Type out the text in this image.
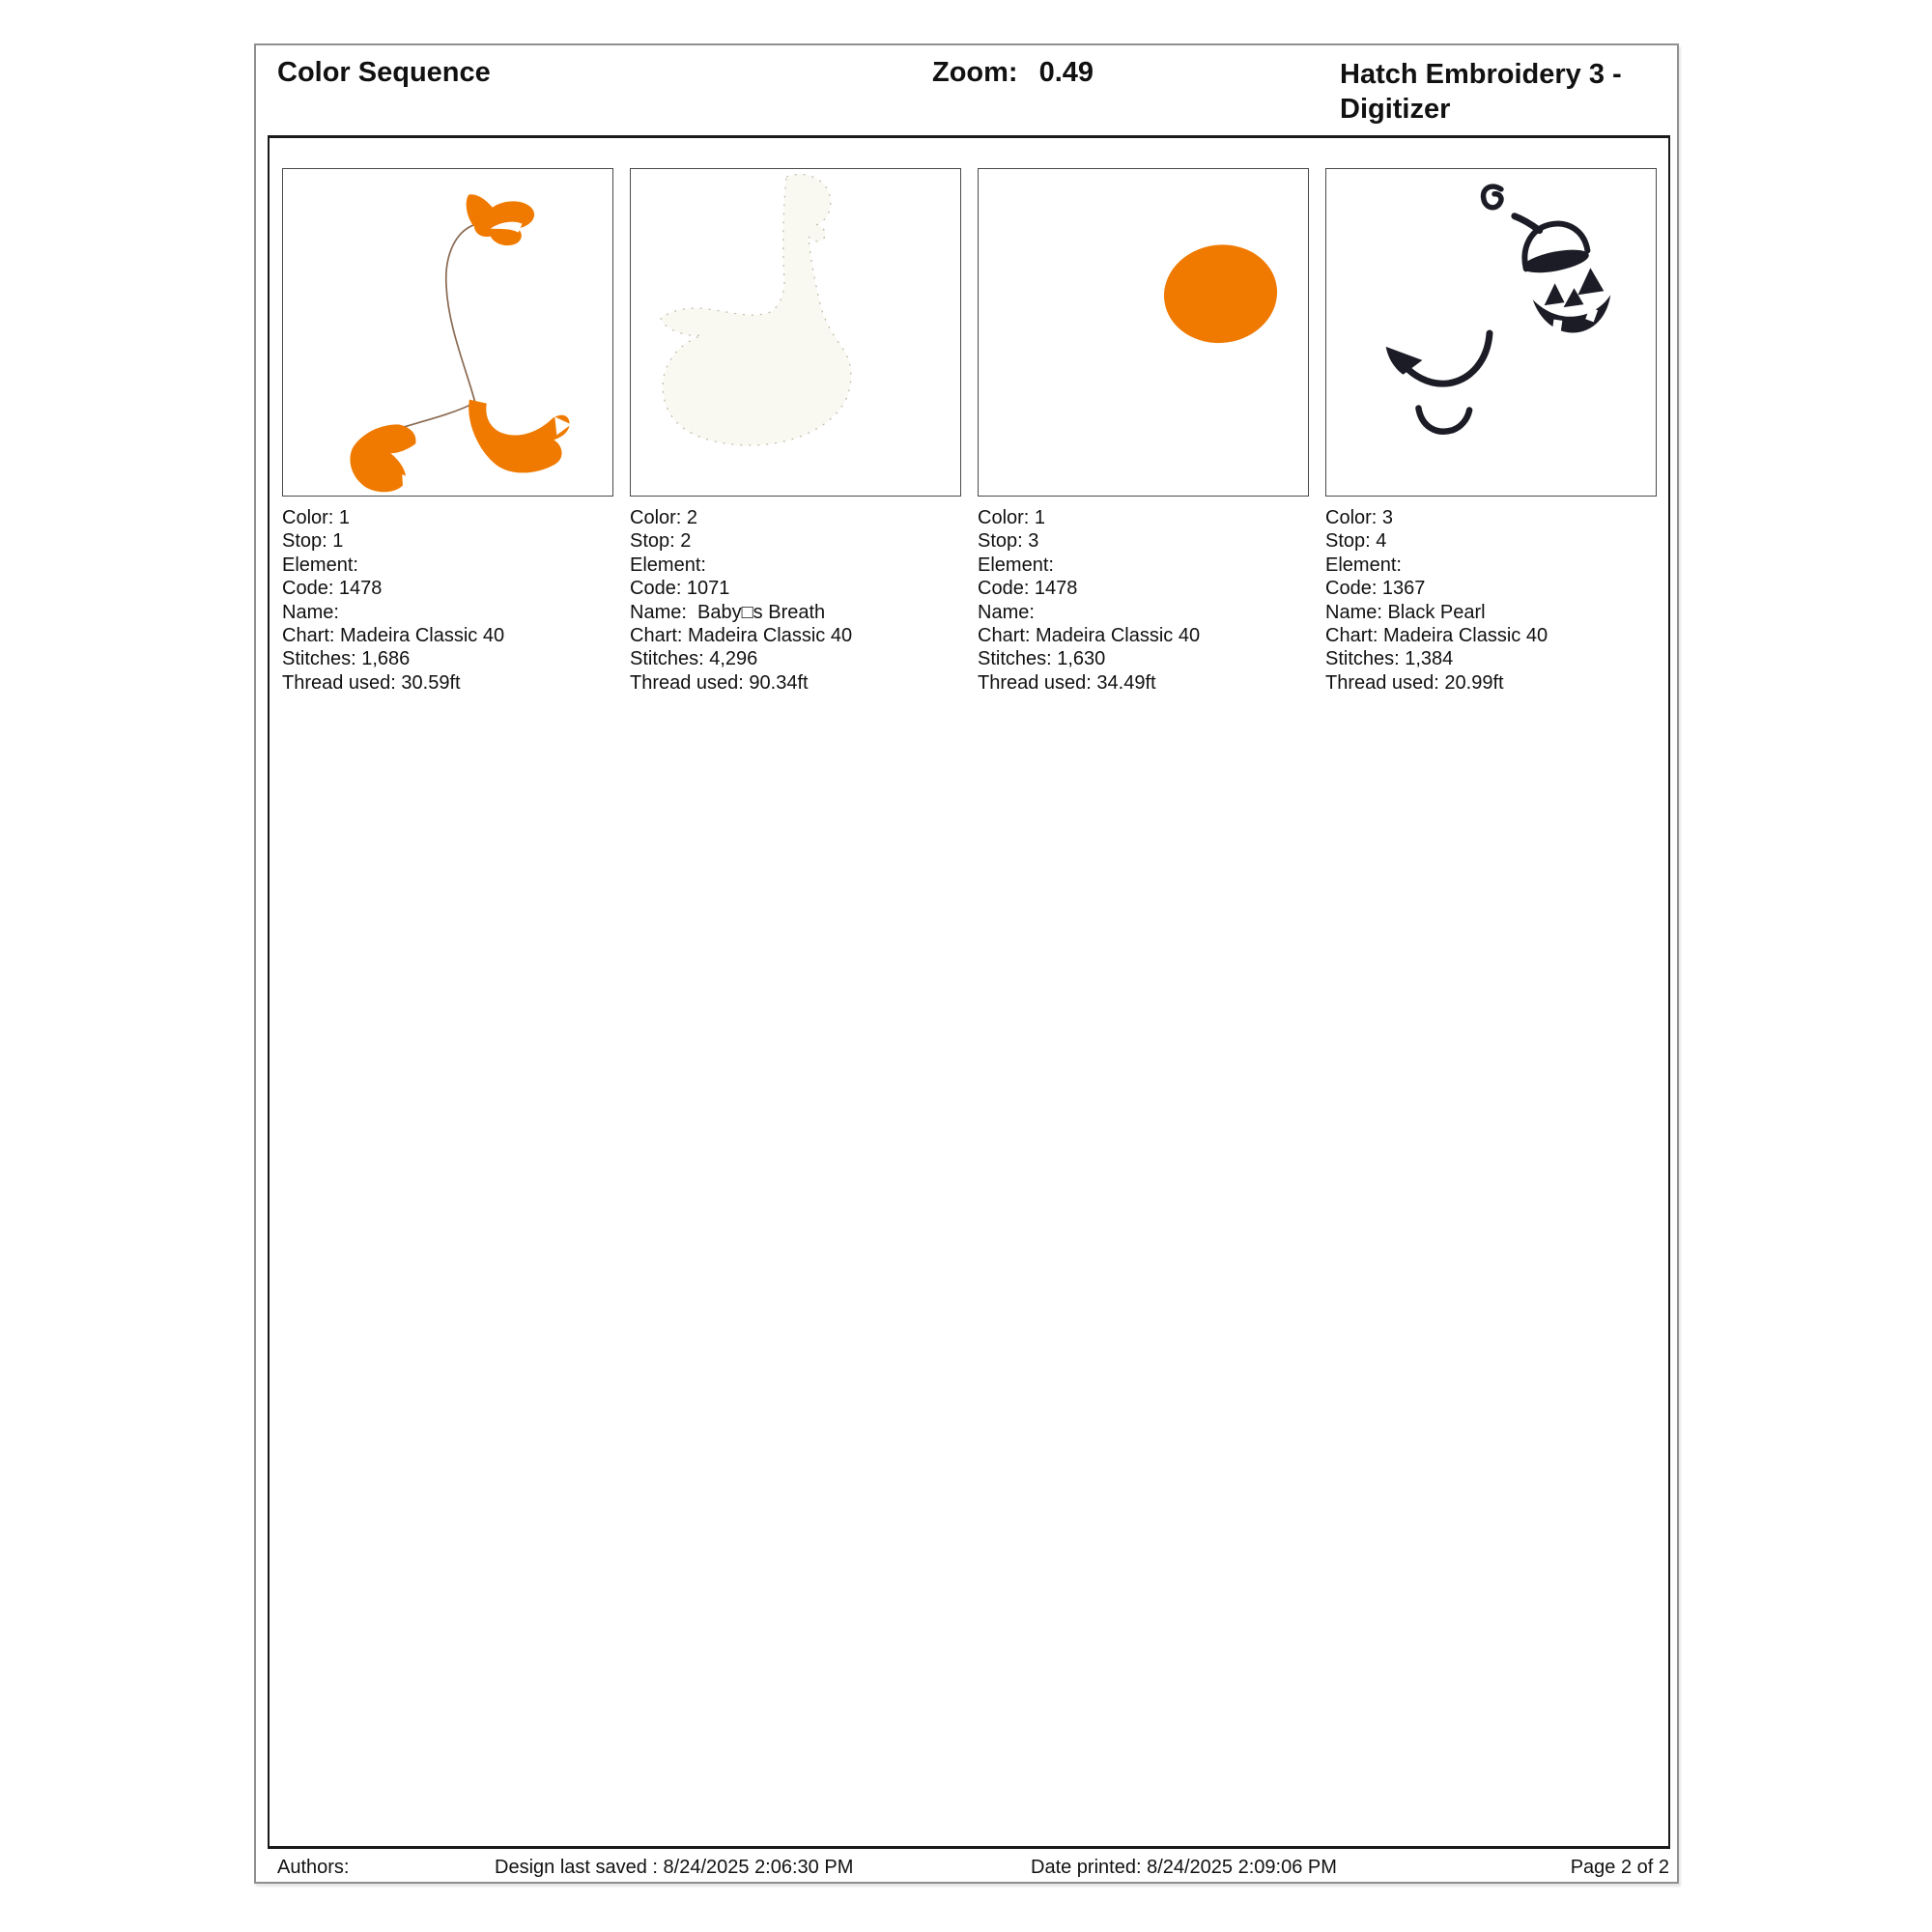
Color Sequence	Zoom: 0.49	Hatch Embroidery 3 - Digitizer
Color: 1
Stop: 1
Element:
Code: 1478
Name:
Chart: Madeira Classic 40
Stitches: 1,686
Thread used: 30.59ft
Color: 2
Stop: 2
Element:
Code: 1071
Name:  Baby□s Breath
Chart: Madeira Classic 40
Stitches: 4,296
Thread used: 90.34ft
Color: 1
Stop: 3
Element:
Code: 1478
Name:
Chart: Madeira Classic 40
Stitches: 1,630
Thread used: 34.49ft
Color: 3
Stop: 4
Element:
Code: 1367
Name: Black Pearl
Chart: Madeira Classic 40
Stitches: 1,384
Thread used: 20.99ft
Authors:	Design last saved : 8/24/2025 2:06:30 PM	Date printed: 8/24/2025 2:09:06 PM	Page 2 of 2
